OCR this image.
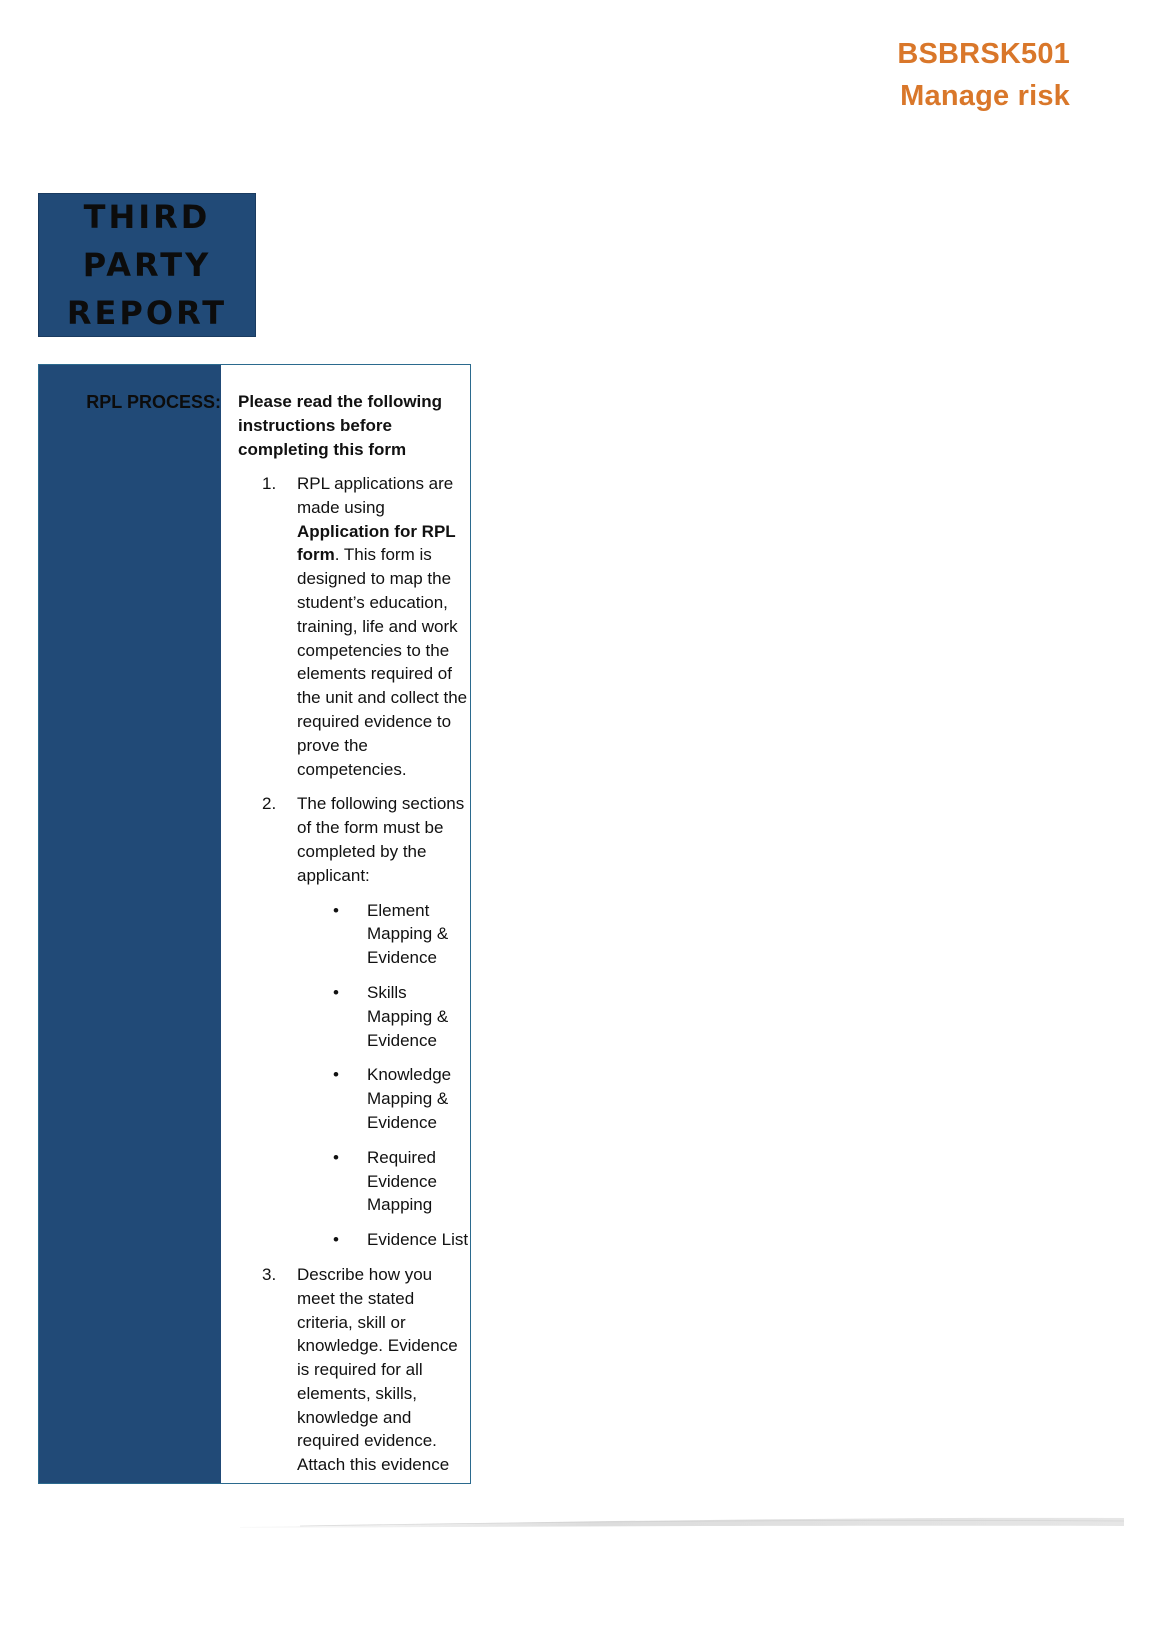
BSBRSK501
Manage risk
THIRD
PARTY
REPORT
RPL PROCESS: Please read the following instructions before completing this form
1. RPL applications are made using Application for RPL form. This form is designed to map the student’s education, training, life and work competencies to the elements required of the unit and collect the required evidence to prove the competencies.
2. The following sections of the form must be completed by the applicant:
• Element Mapping & Evidence
• Skills Mapping & Evidence
• Knowledge Mapping & Evidence
• Required Evidence Mapping
• Evidence List
3. Describe how you meet the stated criteria, skill or knowledge. Evidence is required for all elements, skills, knowledge and required evidence. Attach this evidence
